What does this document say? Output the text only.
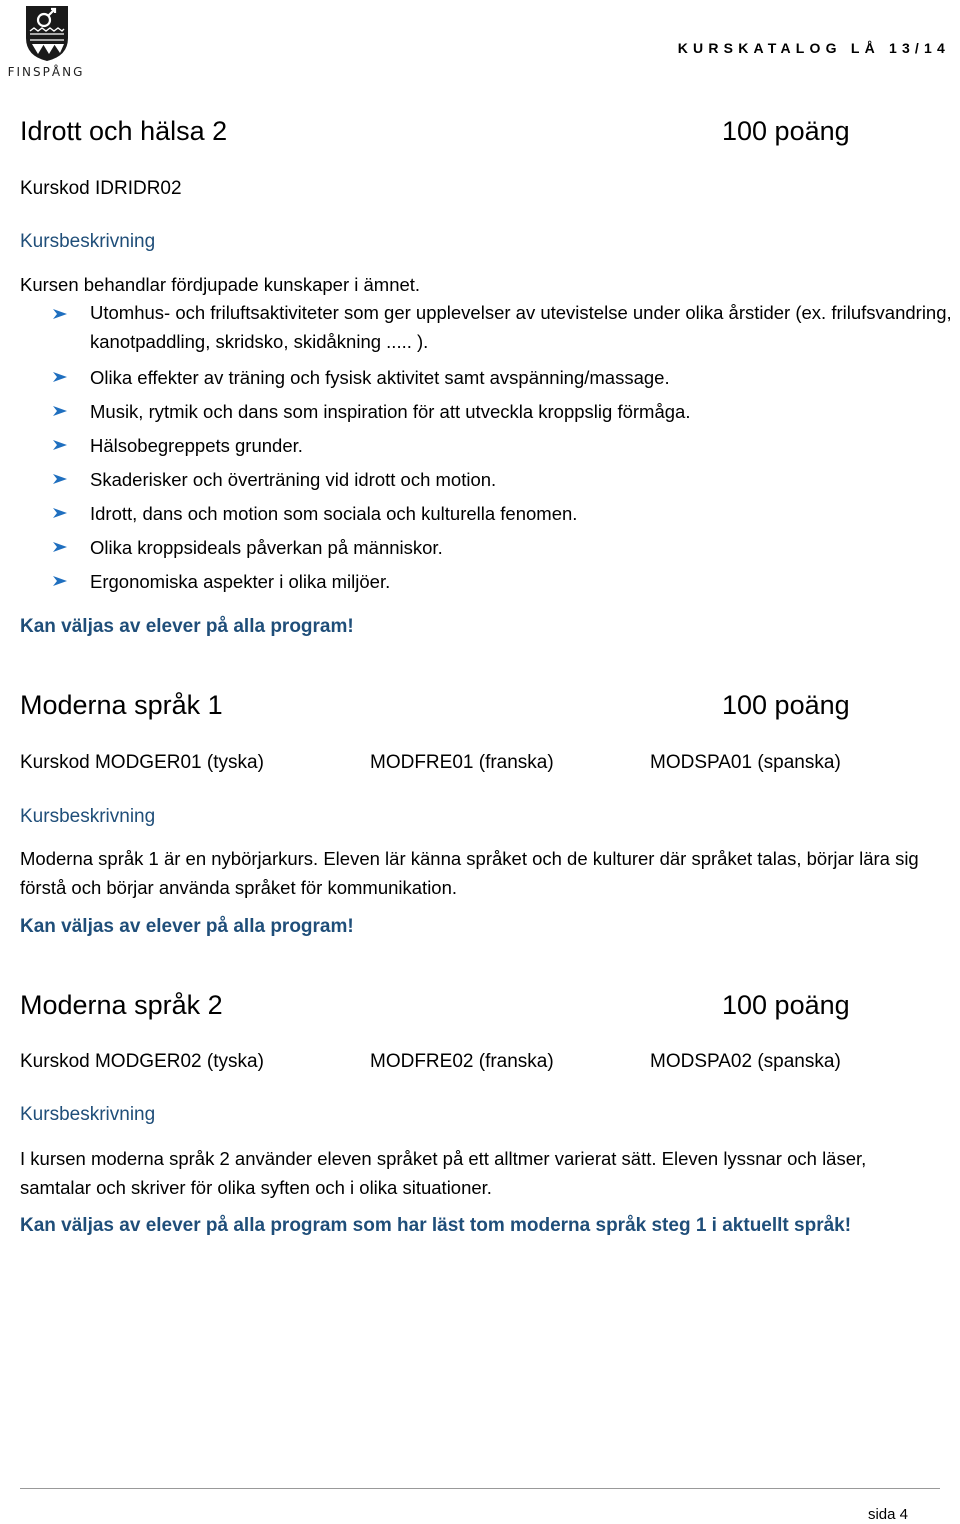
FINSPÅNG
KURSKATALOG LÅ 13/14
Idrott och hälsa 2	100 poäng
Kurskod IDRIDR02
Kursbeskrivning
Kursen behandlar fördjupade kunskaper i ämnet.
Utomhus- och friluftsaktiviteter som ger upplevelser av utevistelse under olika årstider (ex. frilufsvandring, kanotpaddling, skridsko, skidåkning ..... ).
Olika effekter av träning och fysisk aktivitet samt avspänning/massage.
Musik, rytmik och dans som inspiration för att utveckla kroppslig förmåga.
Hälsobegreppets grunder.
Skaderisker och överträning vid idrott och motion.
Idrott, dans och motion som sociala och kulturella fenomen.
Olika kroppsideals påverkan på människor.
Ergonomiska aspekter i olika miljöer.
Kan väljas av elever på alla program!
Moderna språk 1	100 poäng
Kurskod MODGER01 (tyska)	MODFRE01 (franska)	MODSPA01 (spanska)
Kursbeskrivning
Moderna språk 1 är en nybörjarkurs. Eleven lär känna språket och de kulturer där språket talas, börjar lära sig förstå och börjar använda språket för kommunikation.
Kan väljas av elever på alla program!
Moderna språk 2	100 poäng
Kurskod MODGER02 (tyska)	MODFRE02 (franska)	MODSPA02 (spanska)
Kursbeskrivning
I kursen moderna språk 2 använder eleven språket på ett alltmer varierat sätt. Eleven lyssnar och läser, samtalar och skriver för olika syften och i olika situationer.
Kan väljas av elever på alla program som har läst tom moderna språk steg 1 i aktuellt språk!
sida 4
